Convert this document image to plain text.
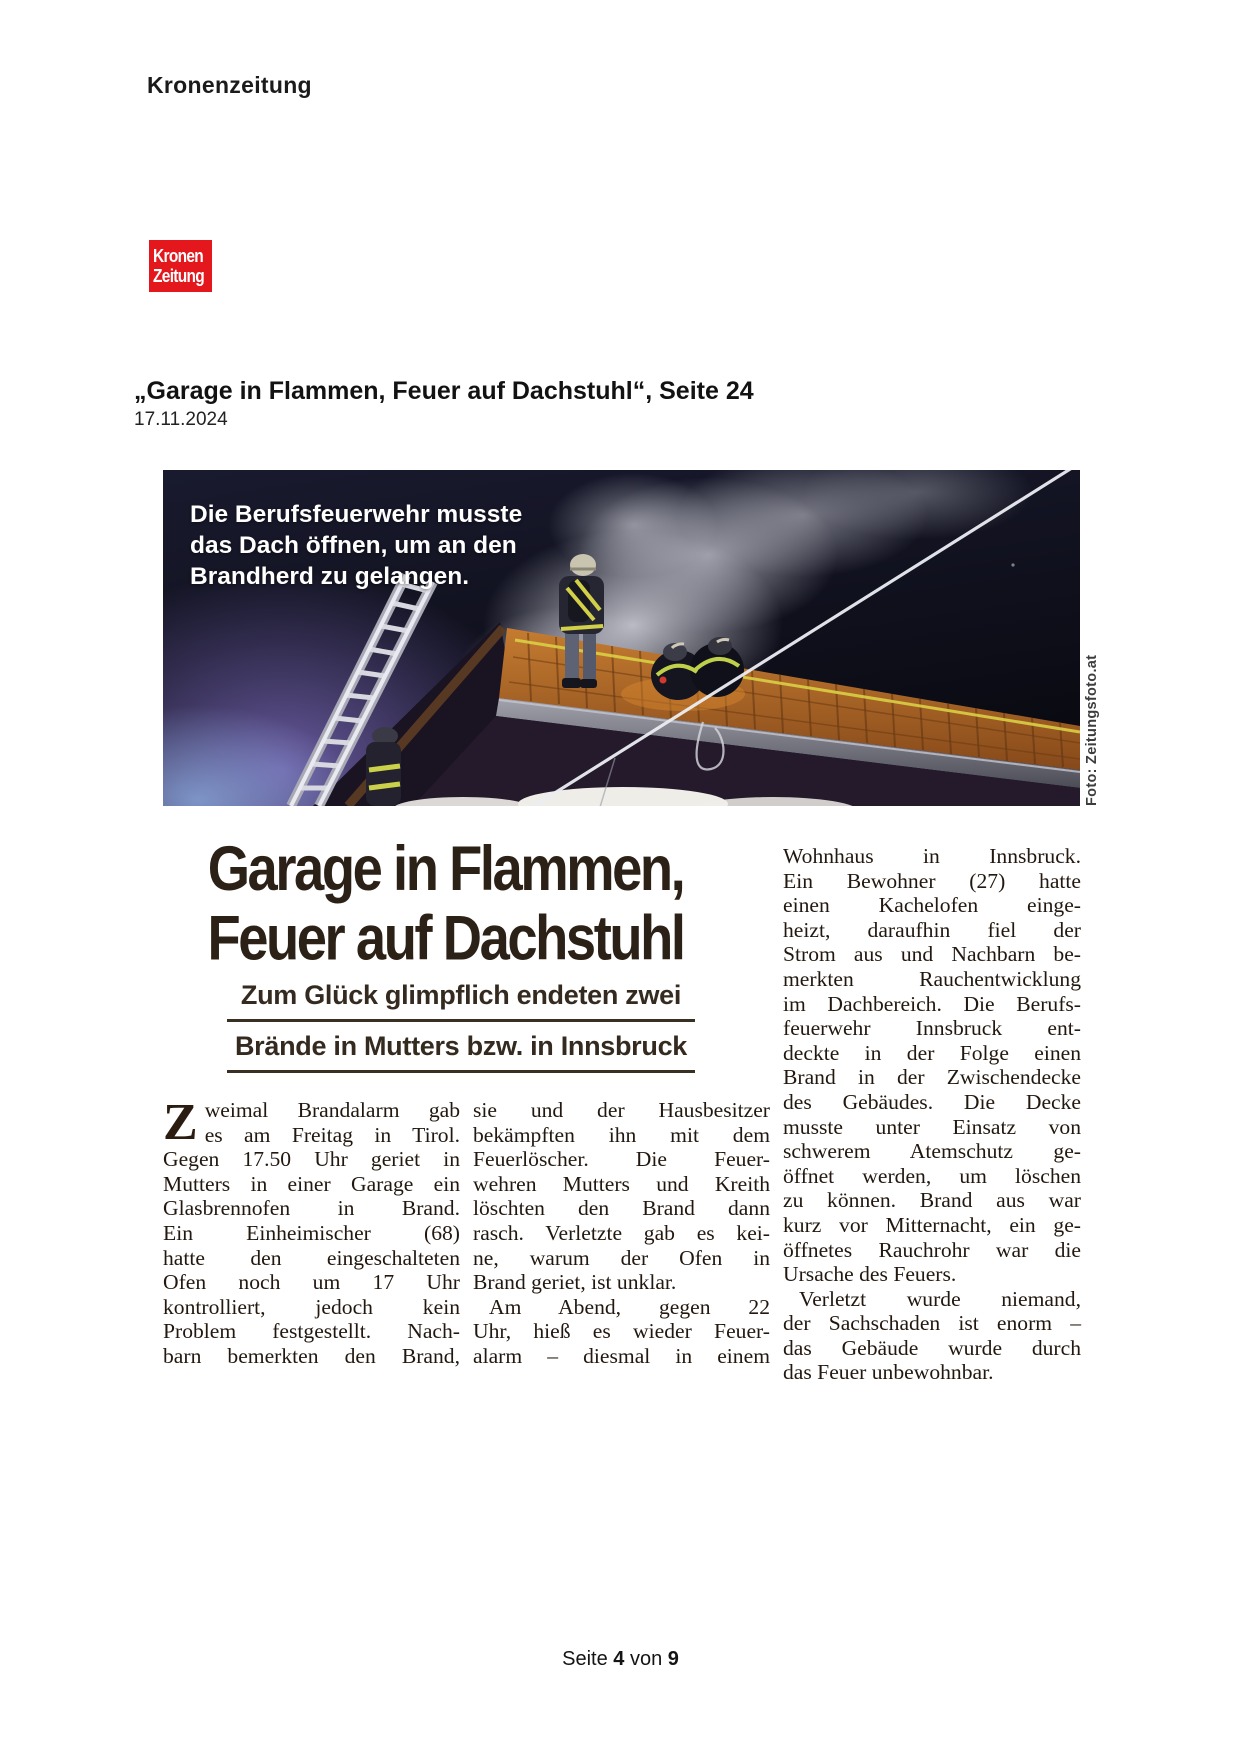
Kronenzeitung
Kronen
Zeitung
„Garage in Flammen, Feuer auf Dachstuhl“, Seite 24
17.11.2024
Die Berufsfeuerwehr musste
das Dach öffnen, um an den
Brandherd zu gelangen.
Foto: Zeitungsfoto.at
Garage in Flammen,
Feuer auf Dachstuhl
Zum Glück glimpflich endeten zwei
Brände in Mutters bzw. in Innsbruck
Z weimal Brandalarm gab
es am Freitag in Tirol.
Gegen 17.50 Uhr geriet in
Mutters in einer Garage ein
Glasbrennofen in Brand.
Ein Einheimischer (68)
hatte den eingeschalteten
Ofen noch um 17 Uhr
kontrolliert, jedoch kein
Problem festgestellt. Nach-
barn bemerkten den Brand,
sie und der Hausbesitzer
bekämpften ihn mit dem
Feuerlöscher. Die Feuer-
wehren Mutters und Kreith
löschten den Brand dann
rasch. Verletzte gab es kei-
ne, warum der Ofen in
Brand geriet, ist unklar.
Am Abend, gegen 22
Uhr, hieß es wieder Feuer-
alarm – diesmal in einem
Wohnhaus in Innsbruck.
Ein Bewohner (27) hatte
einen Kachelofen einge-
heizt, daraufhin fiel der
Strom aus und Nachbarn be-
merkten Rauchentwicklung
im Dachbereich. Die Berufs-
feuerwehr Innsbruck ent-
deckte in der Folge einen
Brand in der Zwischendecke
des Gebäudes. Die Decke
musste unter Einsatz von
schwerem Atemschutz ge-
öffnet werden, um löschen
zu können. Brand aus war
kurz vor Mitternacht, ein ge-
öffnetes Rauchrohr war die
Ursache des Feuers.
Verletzt wurde niemand,
der Sachschaden ist enorm –
das Gebäude wurde durch
das Feuer unbewohnbar.
Seite 4 von 9
